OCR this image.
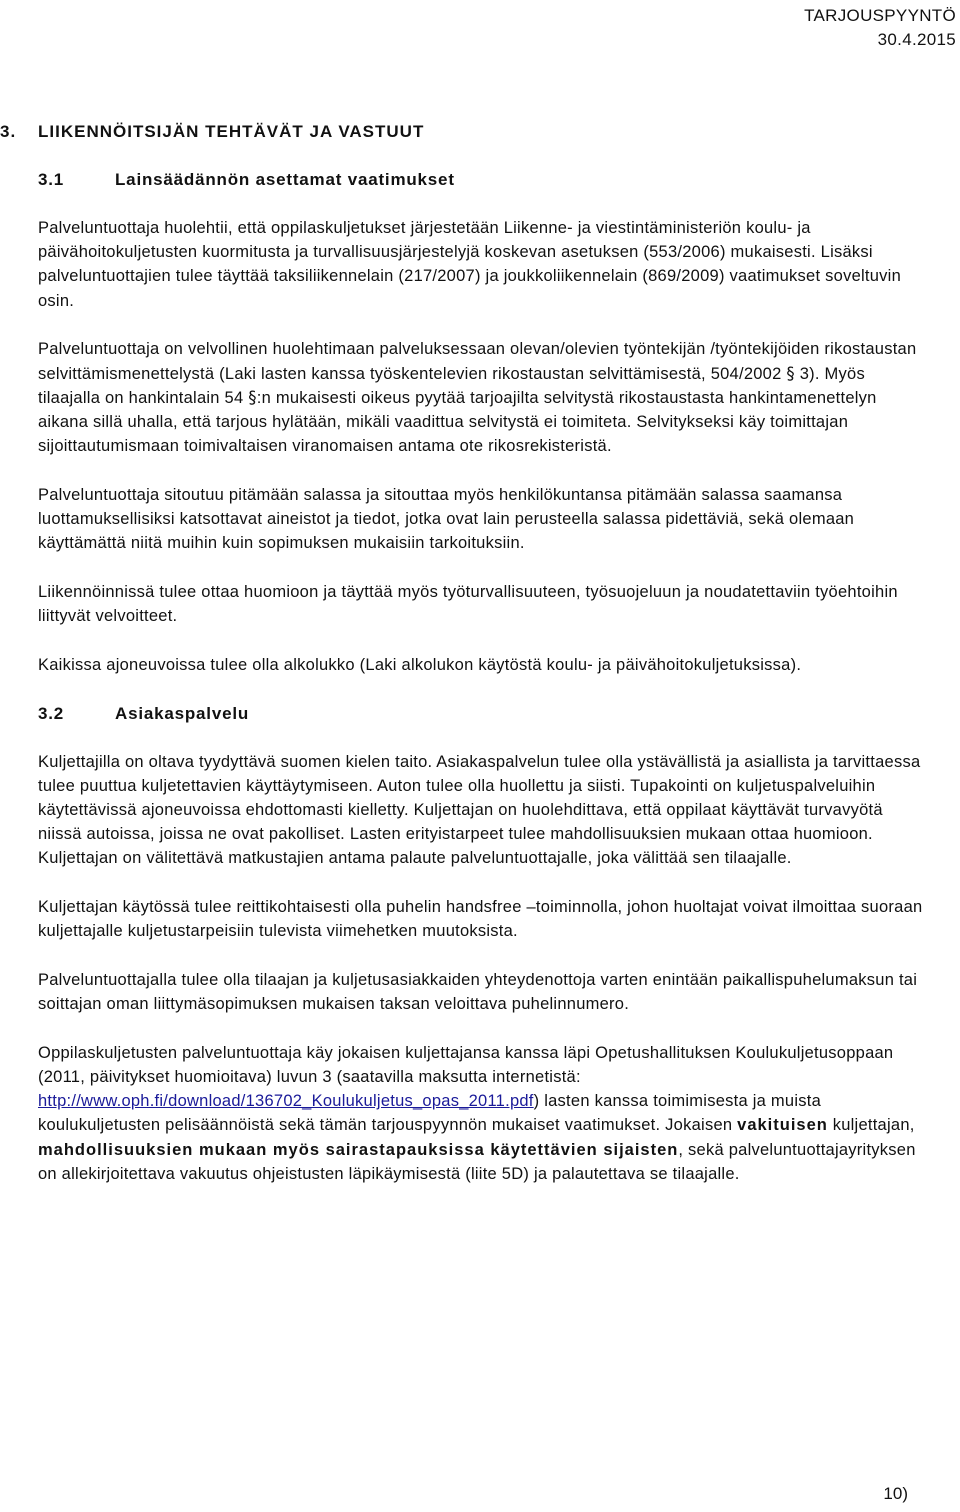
TARJOUSPYYNTÖ
30.4.2015
3. LIIKENNÖITSIJÄN TEHTÄVÄT JA VASTUUT
3.1	Lainsäädännön asettamat vaatimukset

Palveluntuottaja huolehtii, että oppilaskuljetukset järjestetään Liikenne- ja viestintäministeriön koulu- ja päivähoitokuljetusten kuormitusta ja turvallisuusjärjestelyjä koskevan asetuksen (553/2006) mukaisesti. Lisäksi palveluntuottajien tulee täyttää taksiliikennelain (217/2007) ja joukkoliikennelain (869/2009) vaatimukset soveltuvin osin.

Palveluntuottaja on velvollinen huolehtimaan palveluksessaan olevan/olevien työntekijän /työntekijöiden rikostaustan selvittämismenettelystä (Laki lasten kanssa työskentelevien rikostaustan selvittämisestä, 504/2002 § 3). Myös tilaajalla on hankintalain 54 §:n mukaisesti oikeus pyytää tarjoajilta selvitystä rikostaustasta hankintamenettelyn aikana sillä uhalla, että tarjous hylätään, mikäli vaadittua selvitystä ei toimiteta. Selvitykseksi käy toimittajan sijoittautumismaan toimivaltaisen viranomaisen antama ote rikosrekisteristä.

Palveluntuottaja sitoutuu pitämään salassa ja sitouttaa myös henkilökuntansa pitämään salassa saamansa luottamuksellisiksi katsottavat aineistot ja tiedot, jotka ovat lain perusteella salassa pidettäviä, sekä olemaan käyttämättä niitä muihin kuin sopimuksen mukaisiin tarkoituksiin.

Liikennöinnissä tulee ottaa huomioon ja täyttää myös työturvallisuuteen, työsuojeluun ja noudatettaviin työehtoihin liittyvät velvoitteet.

Kaikissa ajoneuvoissa tulee olla alkolukko (Laki alkolukon käytöstä koulu- ja päivähoitokuljetuksissa).

3.2	Asiakaspalvelu

Kuljettajilla on oltava tyydyttävä suomen kielen taito. Asiakaspalvelun tulee olla ystävällistä ja asiallista ja tarvittaessa tulee puuttua kuljetettavien käyttäytymiseen. Auton tulee olla huollettu ja siisti. Tupakointi on kuljetuspalveluihin käytettävissä ajoneuvoissa ehdottomasti kielletty. Kuljettajan on huolehdittava, että oppilaat käyttävät turvavyötä niissä autoissa, joissa ne ovat pakolliset. Lasten erityistarpeet tulee mahdollisuuksien mukaan ottaa huomioon. Kuljettajan on välitettävä matkustajien antama palaute palveluntuottajalle, joka välittää sen tilaajalle.

Kuljettajan käytössä tulee reittikohtaisesti olla puhelin handsfree –toiminnolla, johon huoltajat voivat ilmoittaa suoraan kuljettajalle kuljetustarpeisiin tulevista viimehetken muutoksista.

Palveluntuottajalla tulee olla tilaajan ja kuljetusasiakkaiden yhteydenottoja varten enintään paikallispuhelumaksun tai soittajan oman liittymäsopimuksen mukaisen taksan veloittava puhelinnumero.

Oppilaskuljetusten palveluntuottaja käy jokaisen kuljettajansa kanssa läpi Opetushallituksen Koulukuljetusoppaan (2011, päivitykset huomioitava) luvun 3 (saatavilla maksutta internetistä:
http://www.oph.fi/download/136702_Koulukuljetus_opas_2011.pdf) lasten kanssa toimimisesta ja muista koulukuljetusten pelisäännöistä sekä tämän tarjouspyynnön mukaiset vaatimukset. Jokaisen vakituisen kuljettajan, mahdollisuuksien mukaan myös sairastapauksissa käytettävien sijaisten, sekä palveluntuottajayrityksen on allekirjoitettava vakuutus ohjeistusten läpikäymisestä (liite 5D) ja palautettava se tilaajalle.

10)
